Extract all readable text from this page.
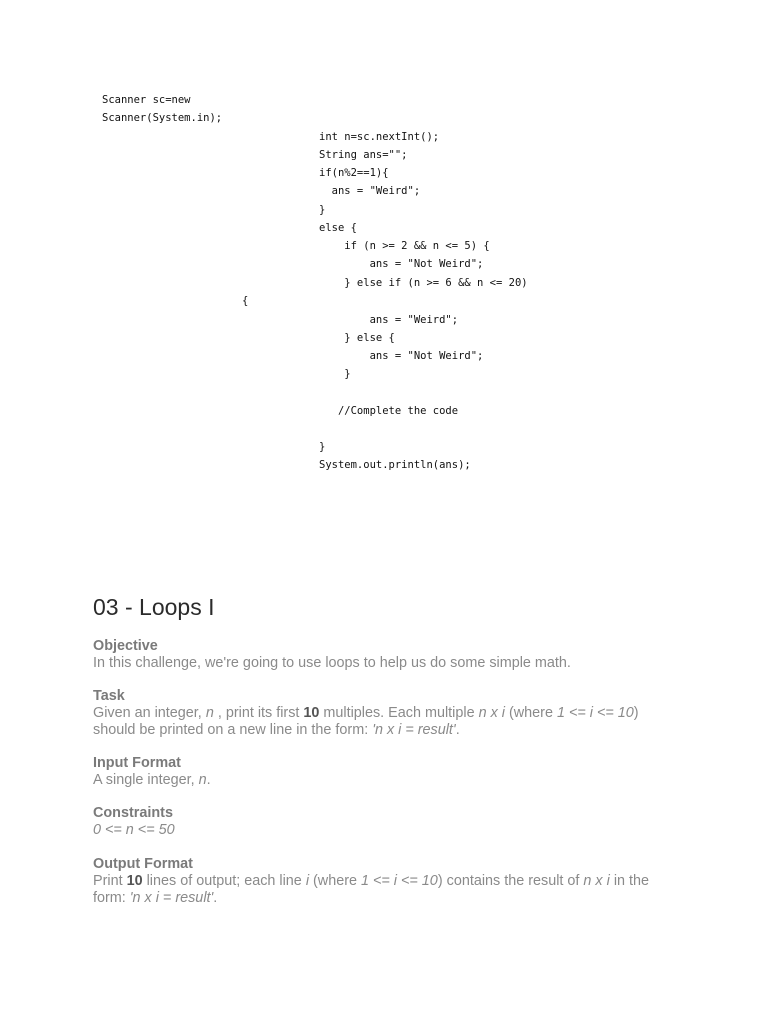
Scanner sc=new
Scanner(System.in);
int n=sc.nextInt();
String ans="";
if(n%2==1){
ans = "Weird";
}
else {
if (n >= 2 && n <= 5) {
ans = "Not Weird";
} else if (n >= 6 && n <= 20)
{
ans = "Weird";
} else {
ans = "Not Weird";
}
//Complete the code
}
System.out.println(ans);
03 - Loops I
Objective
In this challenge, we're going to use loops to help us do some simple math.
Task
Given an integer, n , print its first 10 multiples. Each multiple n x i (where 1 <= i <= 10) should be printed on a new line in the form: 'n x i = result'.
Input Format
A single integer, n.
Constraints
0 <= n <= 50
Output Format
Print 10 lines of output; each line i (where 1 <= i <= 10) contains the result of n x i in the form: 'n x i = result'.
